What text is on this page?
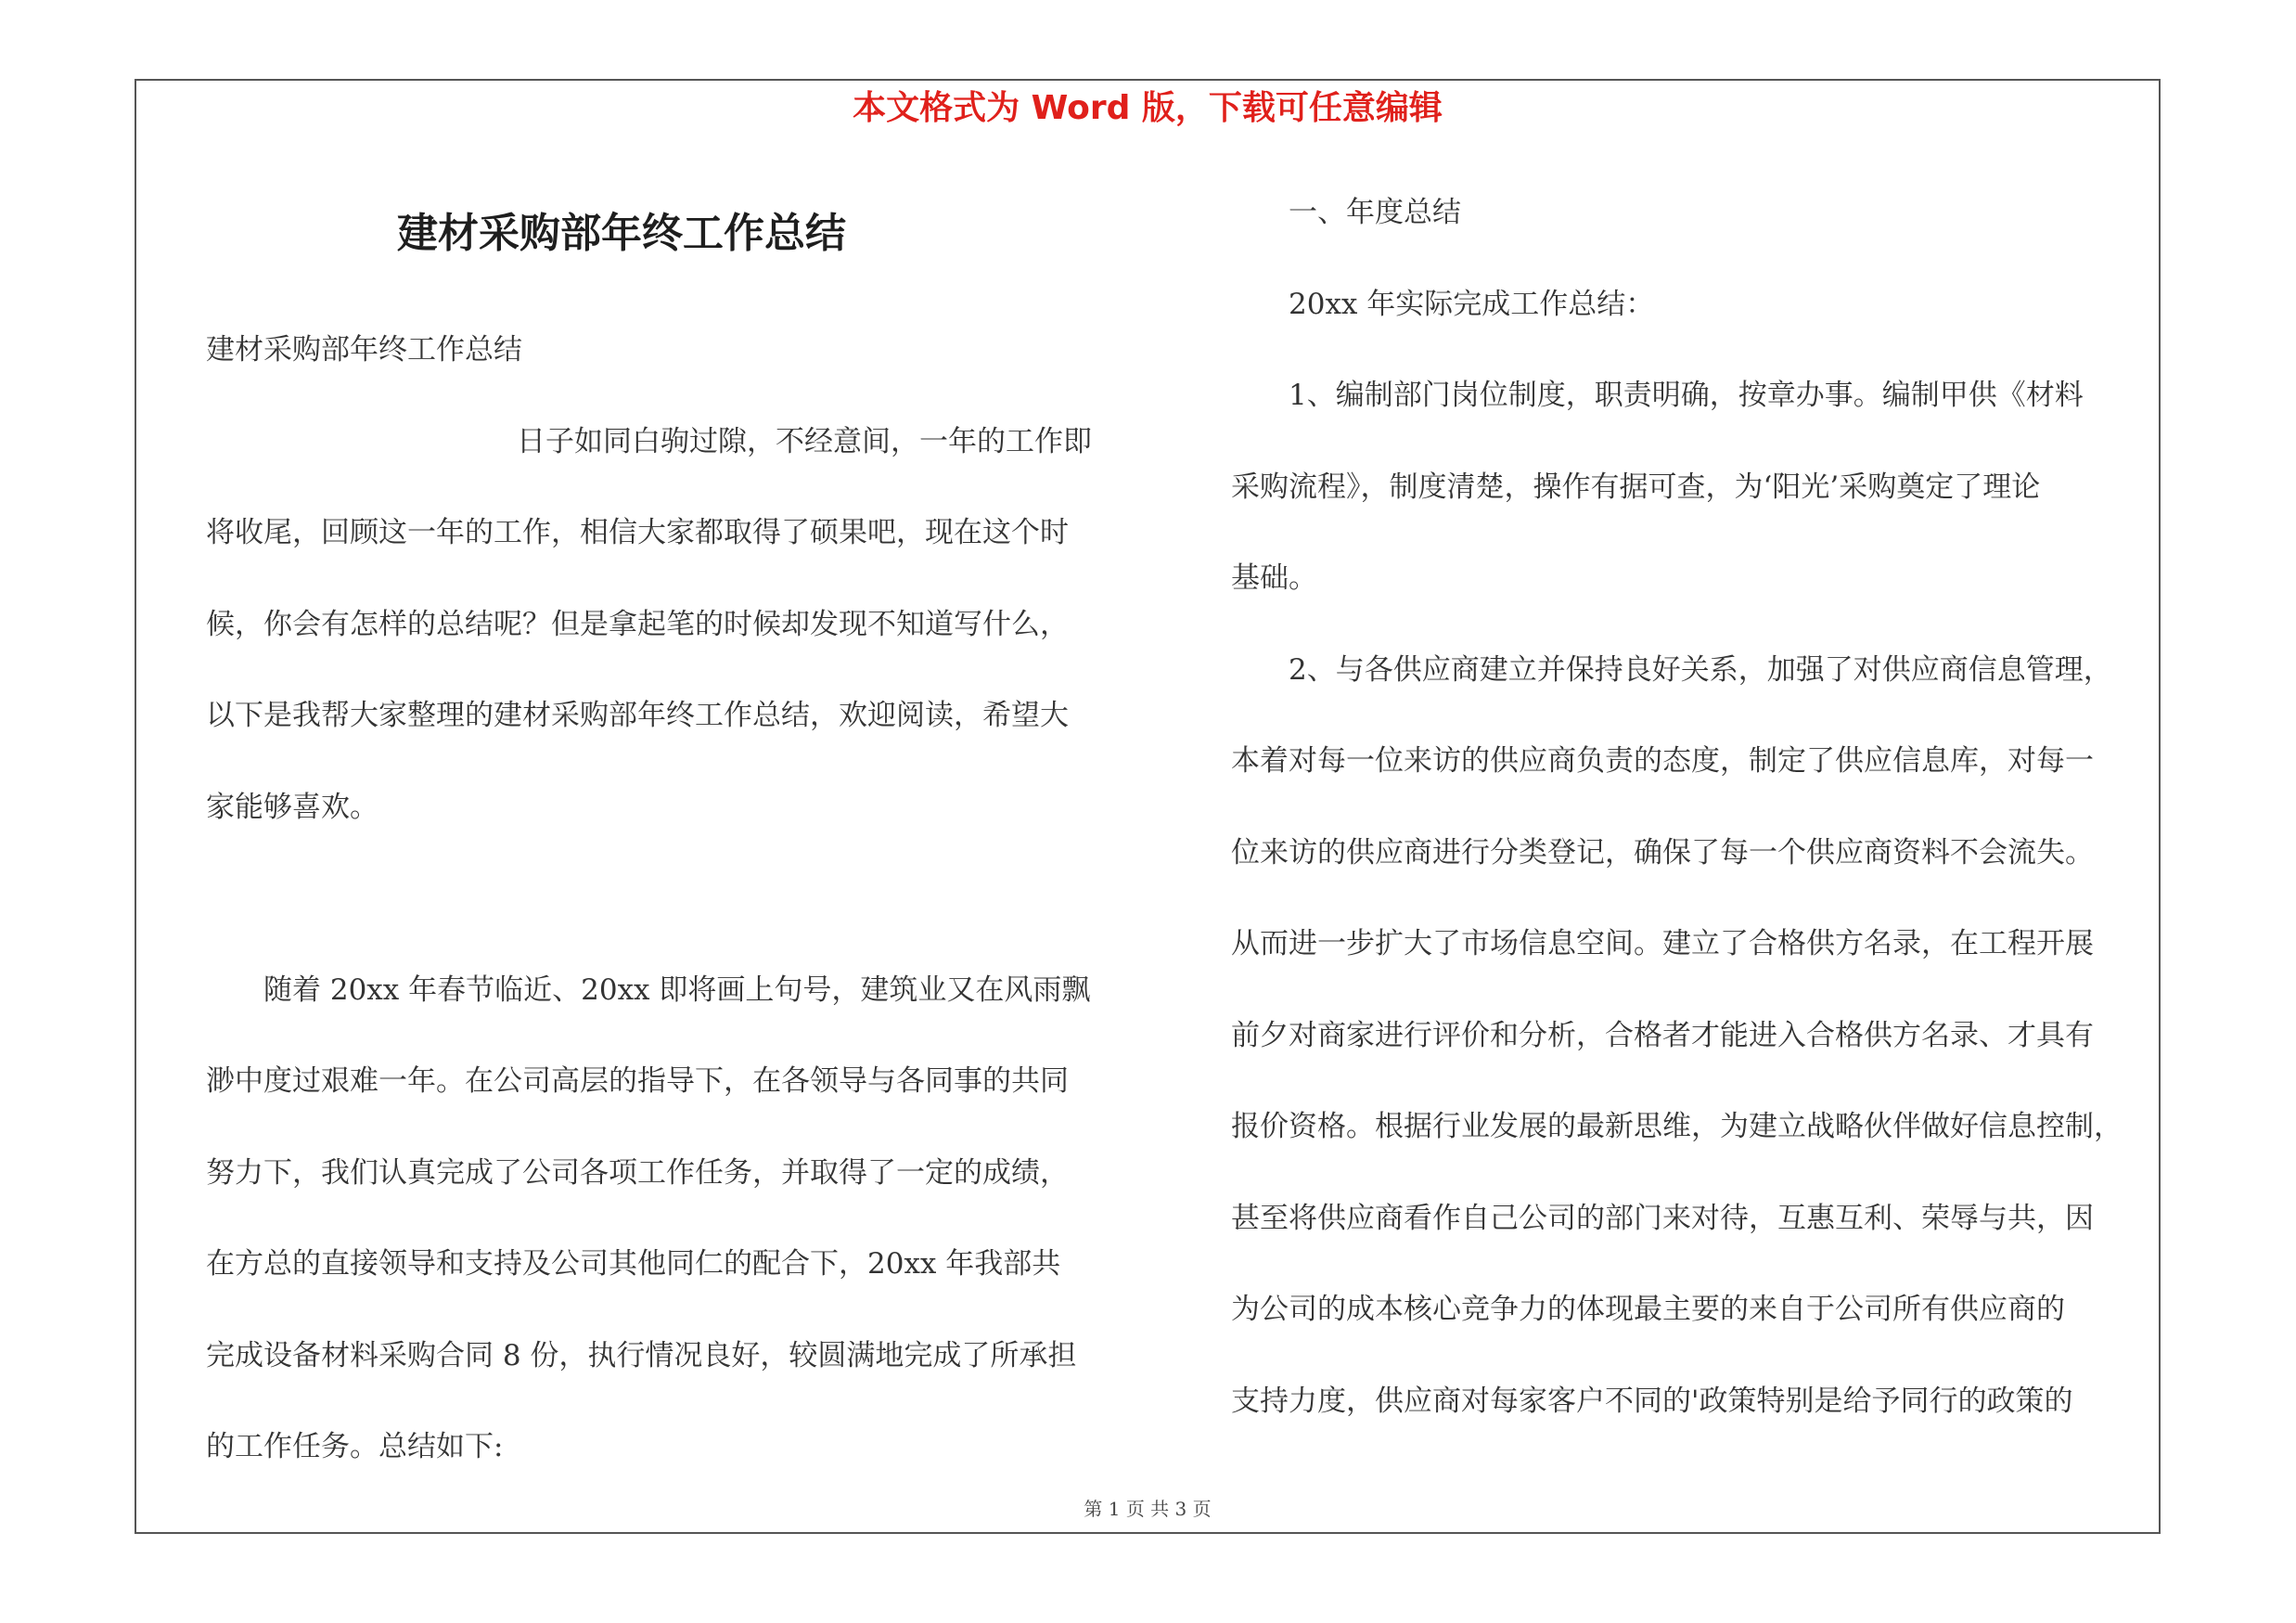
本文格式为 Word 版，下载可任意编辑
建材采购部年终工作总结

建材采购部年终工作总结

日子如同白驹过隙，不经意间，一年的工作即

将收尾，回顾这一年的工作，相信大家都取得了硕果吧，现在这个时

候，你会有怎样的总结呢？但是拿起笔的时候却发现不知道写什么，

以下是我帮大家整理的建材采购部年终工作总结，欢迎阅读，希望大

家能够喜欢。

随着 20xx 年春节临近、20xx 即将画上句号，建筑业又在风雨飘

渺中度过艰难一年。在公司高层的指导下，在各领导与各同事的共同

努力下，我们认真完成了公司各项工作任务，并取得了一定的成绩，

在方总的直接领导和支持及公司其他同仁的配合下，20xx 年我部共

完成设备材料采购合同 8 份，执行情况良好，较圆满地完成了所承担

的工作任务。总结如下:

一、年度总结

20xx 年实际完成工作总结：

1、编制部门岗位制度，职责明确，按章办事。编制甲供《材料

采购流程》，制度清楚，操作有据可查，为‘阳光’采购奠定了理论

基础。

2、与各供应商建立并保持良好关系，加强了对供应商信息管理，

本着对每一位来访的供应商负责的态度，制定了供应信息库，对每一

位来访的供应商进行分类登记，确保了每一个供应商资料不会流失。

从而进一步扩大了市场信息空间。建立了合格供方名录，在工程开展

前夕对商家进行评价和分析，合格者才能进入合格供方名录、才具有

报价资格。根据行业发展的最新思维，为建立战略伙伴做好信息控制，

甚至将供应商看作自己公司的部门来对待，互惠互利、荣辱与共，因

为公司的成本核心竞争力的体现最主要的来自于公司所有供应商的

支持力度，供应商对每家客户不同的'政策特别是给予同行的政策的

第 1 页 共 3 页
